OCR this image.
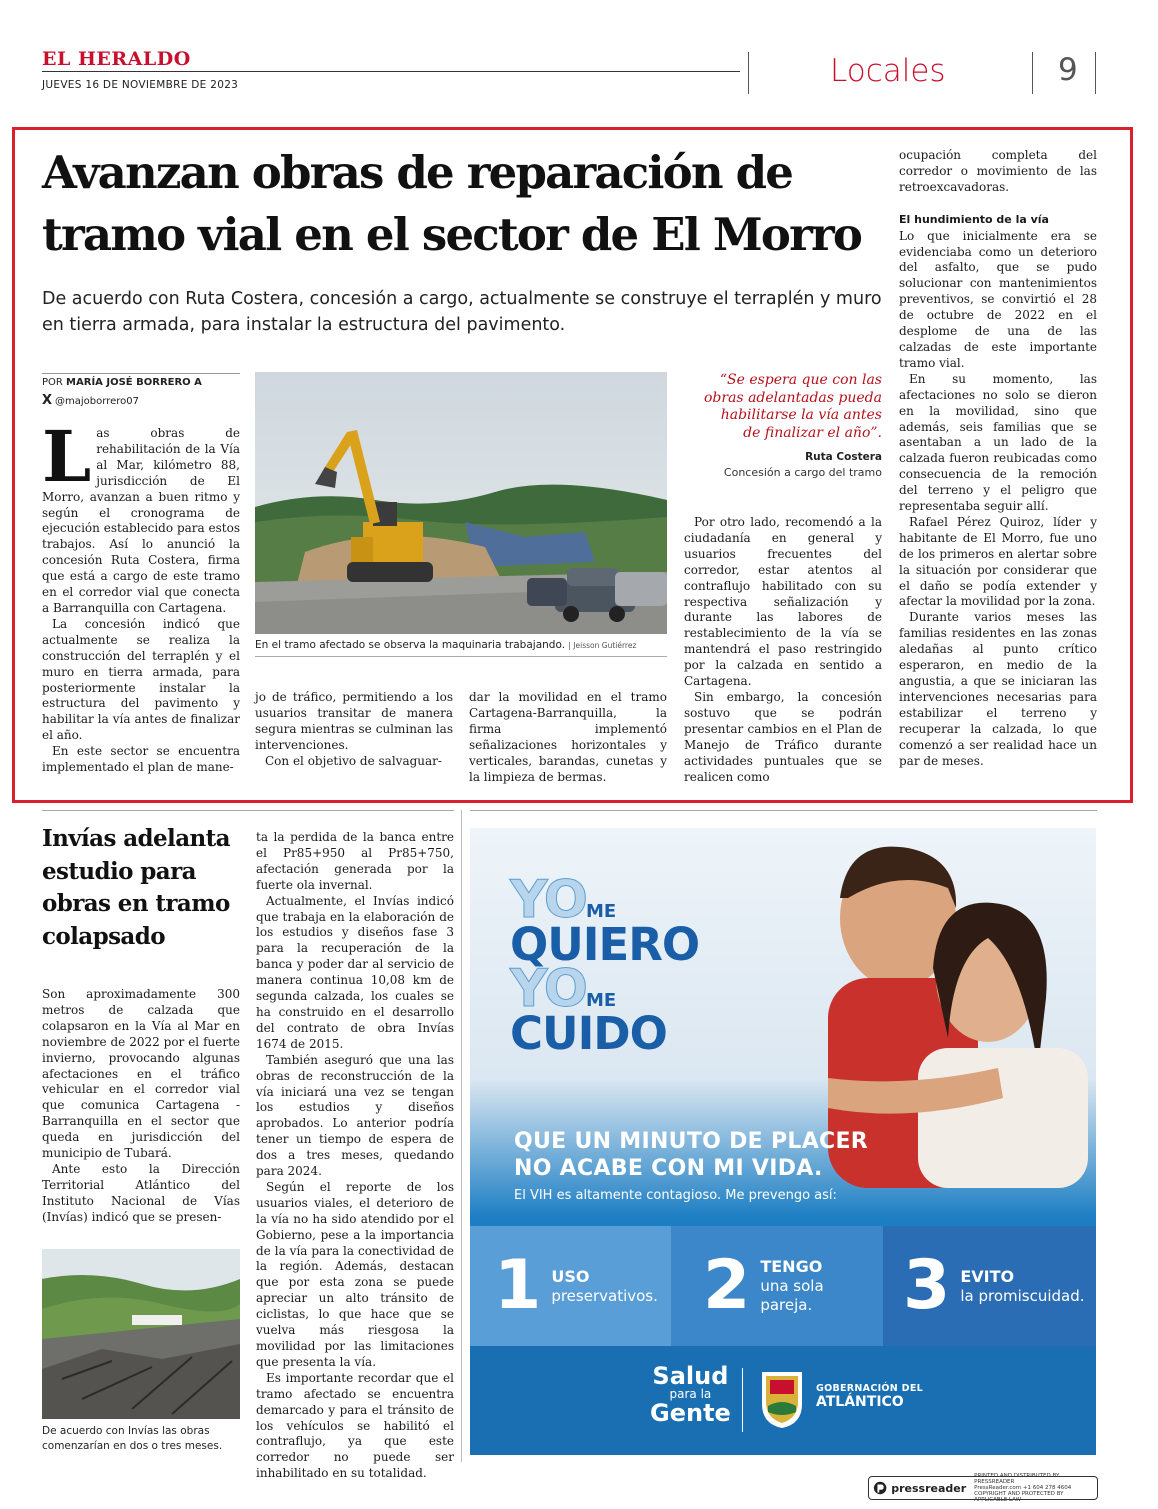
EL HERALDO
JUEVES 16 DE NOVIEMBRE DE 2023	Locales	9
Avanzan obras de reparación de tramo vial en el sector de El Morro

De acuerdo con Ruta Costera, concesión a cargo, actualmente se construye el terraplén y muro en tierra armada, para instalar la estructura del pavimento.

POR MARÍA JOSÉ BORRERO A
X @majoborrero07

Las obras de rehabilitación de la Vía al Mar, kilómetro 88, jurisdicción de El Morro, avanzan a buen ritmo y según el cronograma de ejecución establecido para estos trabajos. Así lo anunció la concesión Ruta Costera, firma que está a cargo de este tramo en el corredor vial que conecta a Barranquilla con Cartagena.

La concesión indicó que actualmente se realiza la construcción del terraplén y el muro en tierra armada, para posteriormente instalar la estructura del pavimento y habilitar la vía antes de finalizar el año.

En este sector se encuentra implementado el plan de mane-

En el tramo afectado se observa la maquinaria trabajando. | Jeisson Gutiérrez

jo de tráfico, permitiendo a los usuarios transitar de manera segura mientras se culminan las intervenciones.

Con el objetivo de salvaguar-

dar la movilidad en el tramo Cartagena-Barranquilla, la firma implementó señalizaciones horizontales y verticales, barandas, cunetas y la limpieza de bermas.

“Se espera que con las obras adelantadas pueda habilitarse la vía antes de finalizar el año”.
Ruta Costera
Concesión a cargo del tramo

Por otro lado, recomendó a la ciudadanía en general y usuarios frecuentes del corredor, estar atentos al contraflujo habilitado con su respectiva señalización y durante las labores de restablecimiento de la vía se mantendrá el paso restringido por la calzada en sentido a Cartagena.

Sin embargo, la concesión sostuvo que se podrán presentar cambios en el Plan de Manejo de Tráfico durante actividades puntuales que se realicen como

ocupación completa del corredor o movimiento de las retroexcavadoras.

El hundimiento de la vía

Lo que inicialmente era se evidenciaba como un deterioro del asfalto, que se pudo solucionar con mantenimientos preventivos, se convirtió el 28 de octubre de 2022 en el desplome de una de las calzadas de este importante tramo vial.

En su momento, las afectaciones no solo se dieron en la movilidad, sino que además, seis familias que se asentaban a un lado de la calzada fueron reubicadas como consecuencia de la remoción del terreno y el peligro que representaba seguir allí.

Rafael Pérez Quiroz, líder y habitante de El Morro, fue uno de los primeros en alertar sobre la situación por considerar que el daño se podía extender y afectar la movilidad por la zona.

Durante varios meses las familias residentes en las zonas aledañas al punto crítico esperaron, en medio de la angustia, a que se iniciaran las intervenciones necesarias para estabilizar el terreno y recuperar la calzada, lo que comenzó a ser realidad hace un par de meses.

Invías adelanta estudio para obras en tramo colapsado

Son aproximadamente 300 metros de calzada que colapsaron en la Vía al Mar en noviembre de 2022 por el fuerte invierno, provocando algunas afectaciones en el tráfico vehicular en el corredor vial que comunica Cartagena - Barranquilla en el sector que queda en jurisdicción del municipio de Tubará.

Ante esto la Dirección Territorial Atlántico del Instituto Nacional de Vías (Invías) indicó que se presen-

De acuerdo con Invías las obras comenzarían en dos o tres meses.

ta la perdida de la banca entre el Pr85+950 al Pr85+750, afectación generada por la fuerte ola invernal.

Actualmente, el Invías indicó que trabaja en la elaboración de los estudios y diseños fase 3 para la recuperación de la banca y poder dar al servicio de manera continua 10,08 km de segunda calzada, los cuales se ha construido en el desarrollo del contrato de obra Invías 1674 de 2015.

También aseguró que una las obras de reconstrucción de la vía iniciará una vez se tengan los estudios y diseños aprobados. Lo anterior podría tener un tiempo de espera de dos a tres meses, quedando para 2024.

Según el reporte de los usuarios viales, el deterioro de la vía no ha sido atendido por el Gobierno, pese a la importancia de la vía para la conectividad de la región. Además, destacan que por esta zona se puede apreciar un alto tránsito de ciclistas, lo que hace que se vuelva más riesgosa la movilidad por las limitaciones que presenta la vía.

Es importante recordar que el tramo afectado se encuentra demarcado y para el tránsito de los vehículos se habilitó el contraflujo, ya que este corredor no puede ser inhabilitado en su totalidad.

YOME
QUIERO
YOME
CUIDO
QUE UN MINUTO DE PLACER
NO ACABE CON MI VIDA.
El VIH es altamente contagioso. Me prevengo así:
1 USO
preservativos. 2 TENGO
una sola pareja.	3 EVITO
la promiscuidad.
Salud
para la
Gente
GOBERNACIÓN DEL
ATLÁNTICO
pressreader
PRINTED AND DISTRIBUTED BY PRESSREADER
PressReader.com +1 604 278 4604
COPYRIGHT AND PROTECTED BY APPLICABLE LAW
